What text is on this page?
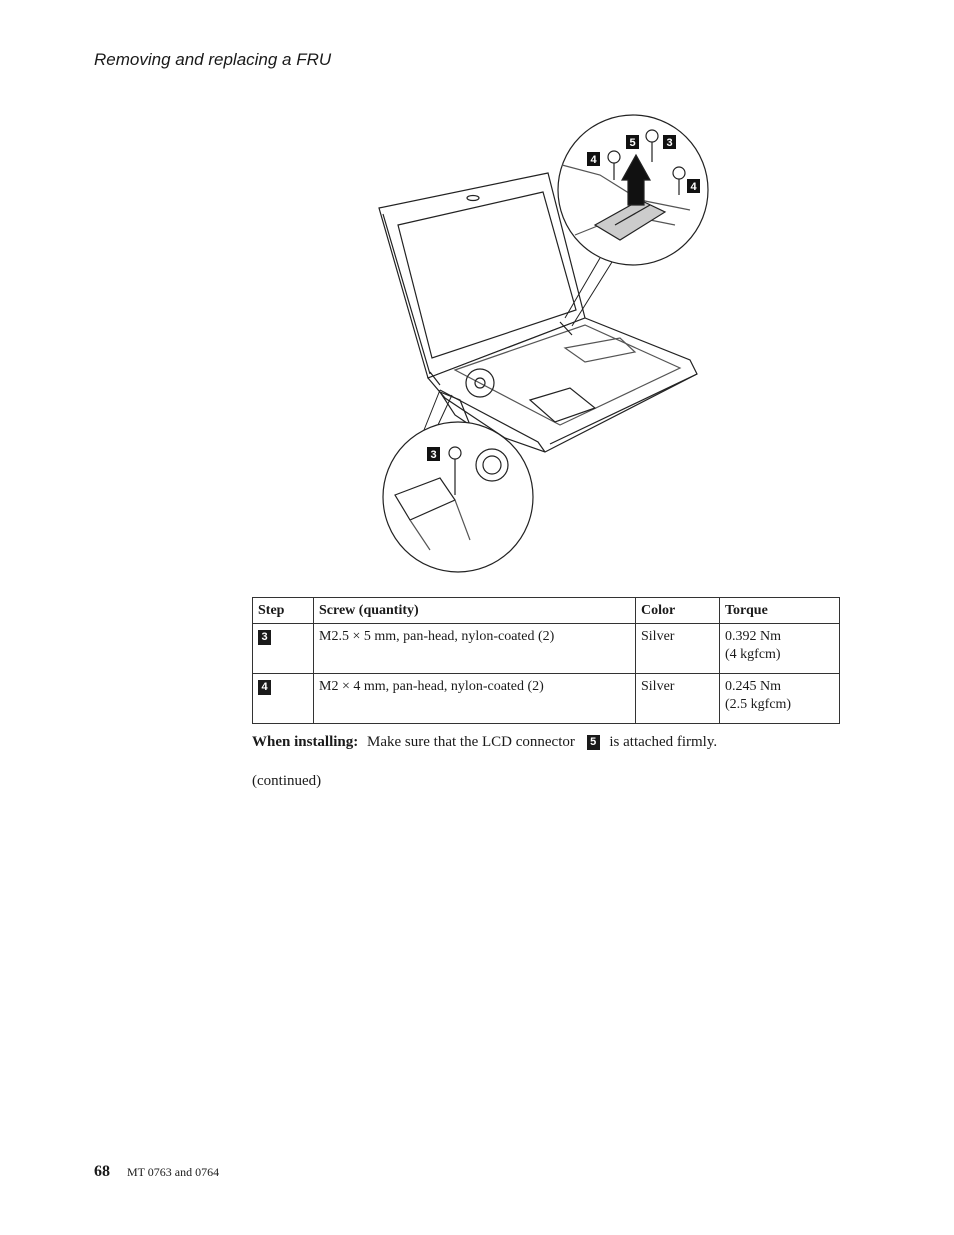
Removing and replacing a FRU
4
5	3
4
3
Step	Screw (quantity)	Color	Torque
3	M2.5 × 5 mm, pan-head, nylon-coated (2)	Silver	0.392 Nm
(4 kgfcm)

4	M2 × 4 mm, pan-head, nylon-coated (2)	Silver	0.245 Nm
(2.5 kgfcm)
When installing: Make sure that the LCD connector 5 is attached firmly.
(continued)
68 MT 0763 and 0764
